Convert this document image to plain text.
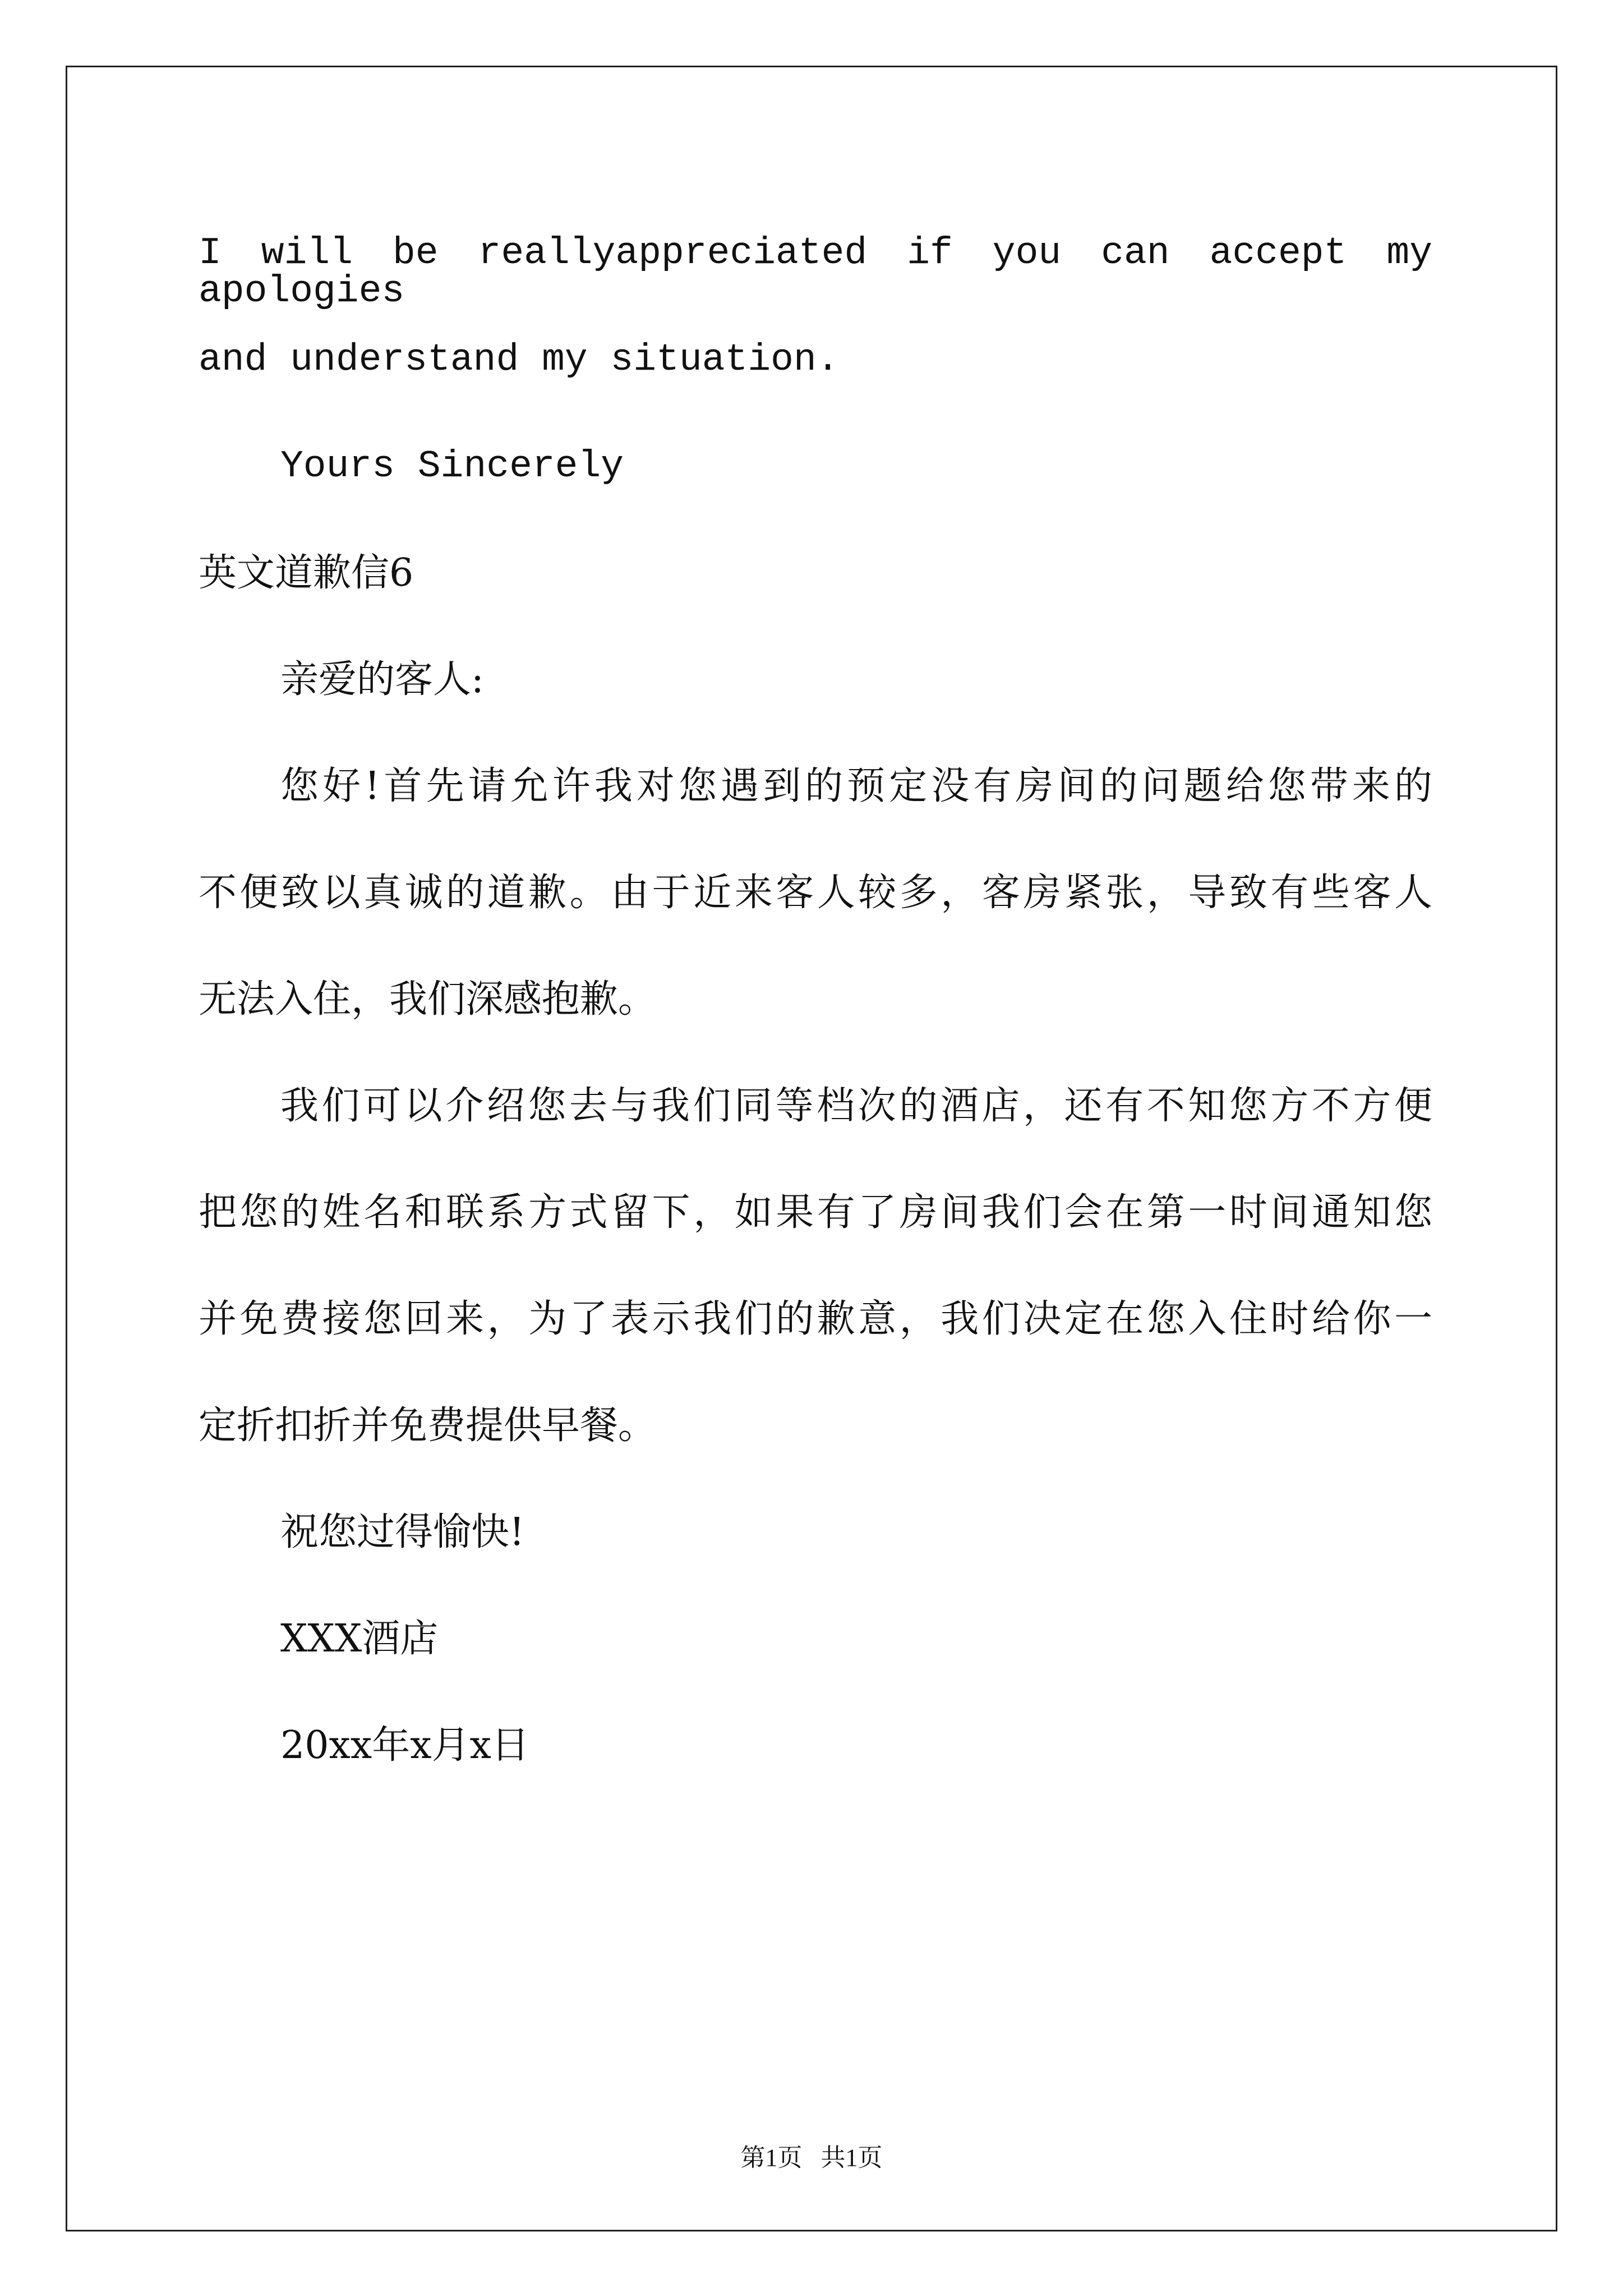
I will be reallyappreciated if you can accept my apologies

and understand my situation.

Yours Sincerely

英文道歉信6

亲爱的客人:

您好!首先请允许我对您遇到的预定没有房间的问题给您带来的

不便致以真诚的道歉。由于近来客人较多，客房紧张，导致有些客人

无法入住，我们深感抱歉。

我们可以介绍您去与我们同等档次的酒店，还有不知您方不方便

把您的姓名和联系方式留下，如果有了房间我们会在第一时间通知您

并免费接您回来，为了表示我们的歉意，我们决定在您入住时给你一

定折扣折并免费提供早餐。

祝您过得愉快!

XXX酒店

20xx年x月x日

第1页   共1页
